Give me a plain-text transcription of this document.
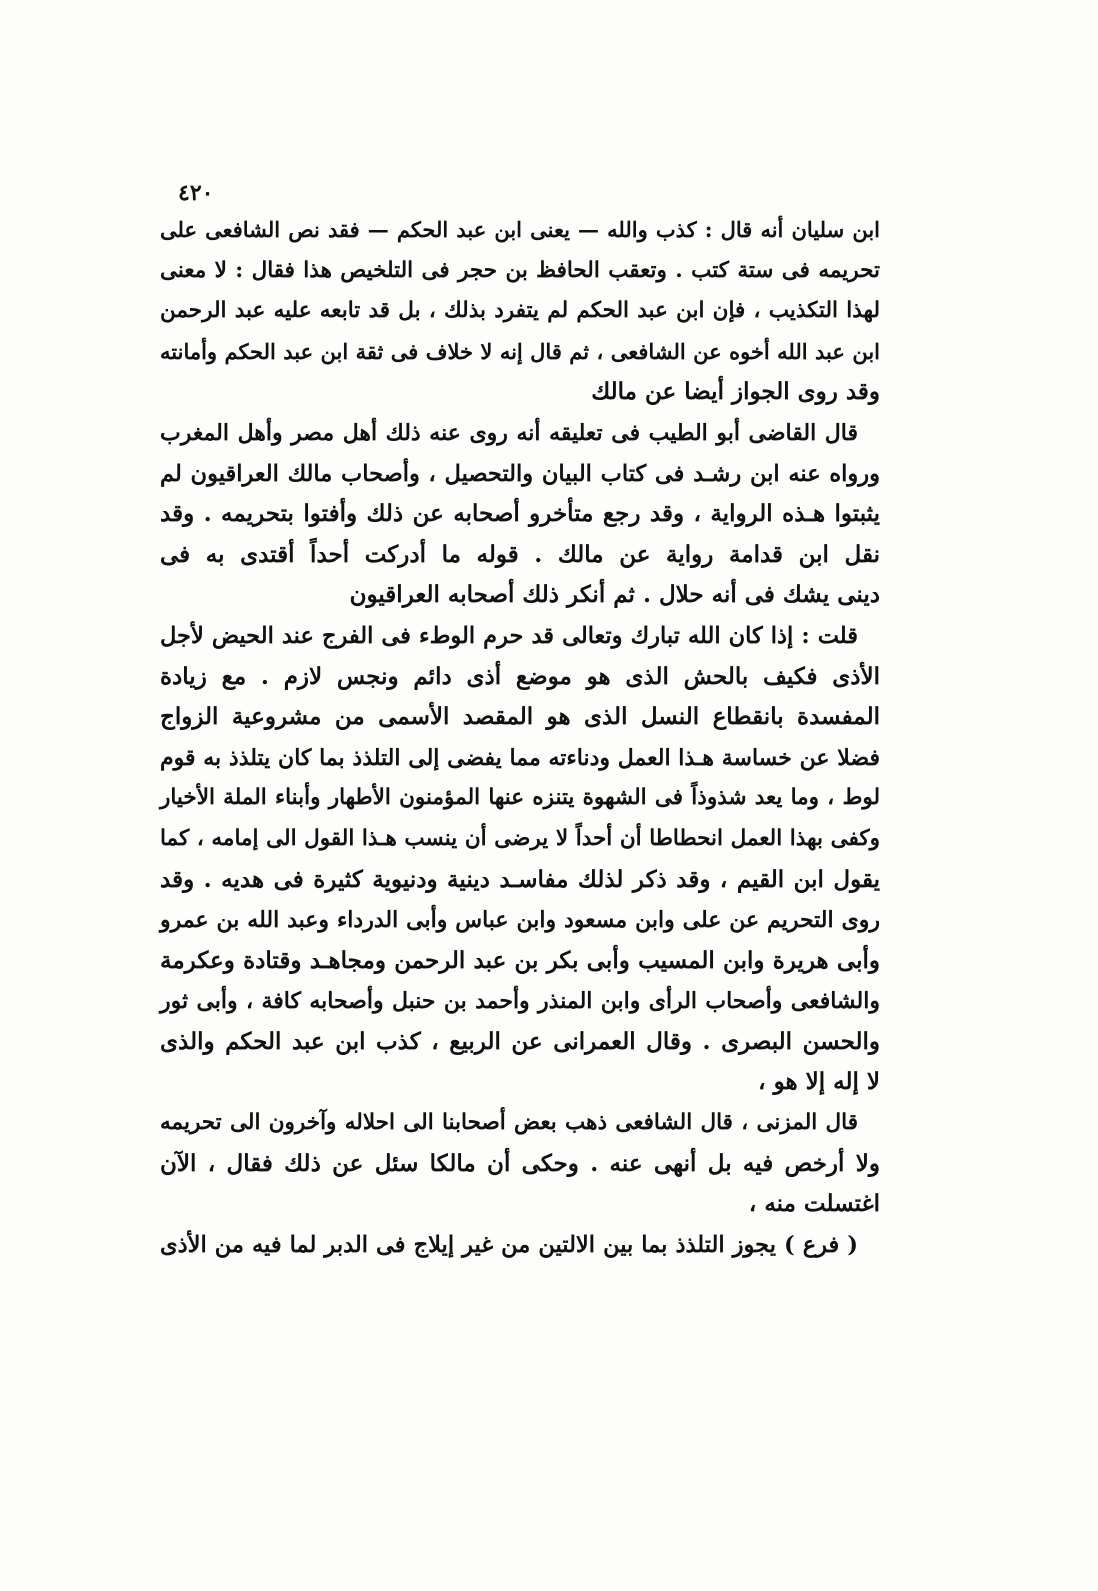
٤٢٠
ابن سليان أنه قال : كذب والله — يعنى ابن عبد الحكم — فقد نص الشافعى على
تحريمه فى ستة كتب . وتعقب الحافظ بن حجر فى التلخيص هذا فقال : لا معنى
لهذا التكذيب ، فإن ابن عبد الحكم لم يتفرد بذلك ، بل قد تابعه عليه عبد الرحمن
ابن عبد الله أخوه عن الشافعى ، ثم قال إنه لا خلاف فى ثقة ابن عبد الحكم وأمانته
وقد روى الجواز أيضا عن مالك
قال القاضى أبو الطيب فى تعليقه أنه روى عنه ذلك أهل مصر وأهل المغرب
ورواه عنه ابن رشـد فى كتاب البيان والتحصيل ، وأصحاب مالك العراقيون لم
يثبتوا هـذه الرواية ، وقد رجع متأخرو أصحابه عن ذلك وأفتوا بتحريمه . وقد
نقل ابن قدامة رواية عن مالك . قوله ما أدركت أحداً أقتدى به فى
دينى يشك فى أنه حلال . ثم أنكر ذلك أصحابه العراقيون
قلت : إذا كان الله تبارك وتعالى قد حرم الوطء فى الفرج عند الحيض لأجل
الأذى فكيف بالحش الذى هو موضع أذى دائم ونجس لازم . مع زيادة
المفسدة بانقطاع النسل الذى هو المقصد الأسمى من مشروعية الزواج
فضلا عن خساسة هـذا العمل ودناءته مما يفضى إلى التلذذ بما كان يتلذذ به قوم
لوط ، وما يعد شذوذاً فى الشهوة يتنزه عنها المؤمنون الأطهار وأبناء الملة الأخيار
وكفى بهذا العمل انحطاطا أن أحداً لا يرضى أن ينسب هـذا القول الى إمامه ، كما
يقول ابن القيم ، وقد ذكر لذلك مفاسـد دينية ودنيوية كثيرة فى هديه . وقد
روى التحريم عن على وابن مسعود وابن عباس وأبى الدرداء وعبد الله بن عمرو
وأبى هريرة وابن المسيب وأبى بكر بن عبد الرحمن ومجاهـد وقتادة وعكرمة
والشافعى وأصحاب الرأى وابن المنذر وأحمد بن حنبل وأصحابه كافة ، وأبى ثور
والحسن البصرى . وقال العمرانى عن الربيع ، كذب ابن عبد الحكم والذى
لا إله إلا هو ،
قال المزنى ، قال الشافعى ذهب بعض أصحابنا الى احلاله وآخرون الى تحريمه
ولا أرخص فيه بل أنهى عنه . وحكى أن مالكا سئل عن ذلك فقال ، الآن
اغتسلت منه ،
( فرع ) يجوز التلذذ بما بين الالتين من غير إيلاج فى الدبر لما فيه من الأذى
